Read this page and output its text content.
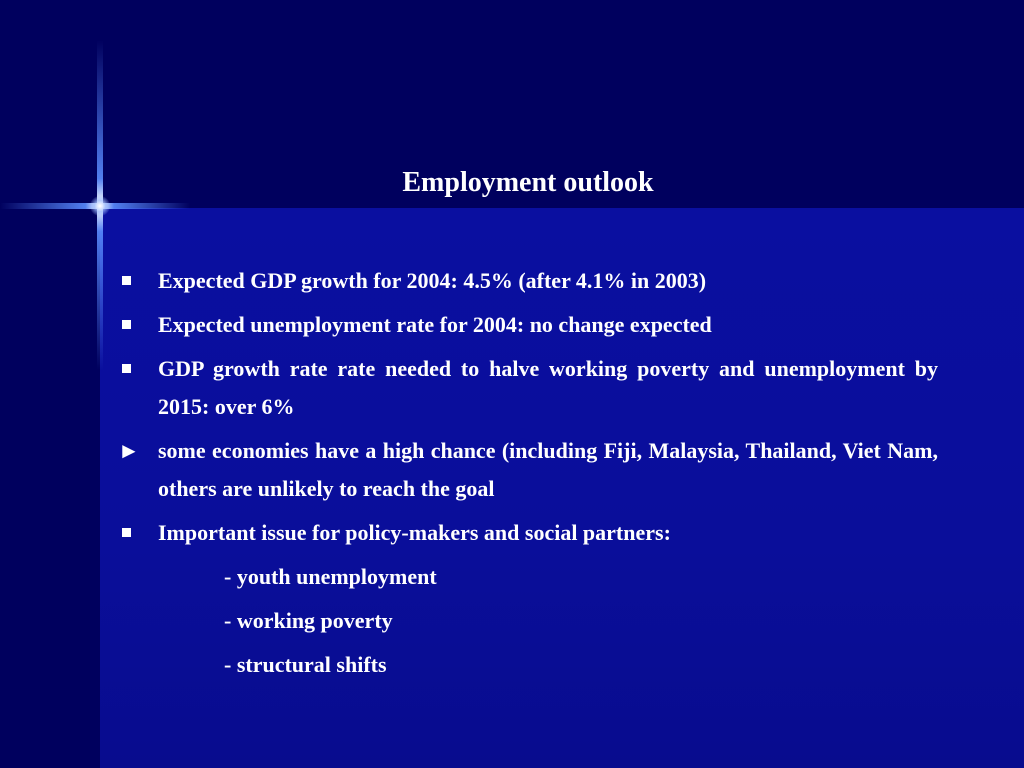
Employment outlook
Expected GDP growth for 2004: 4.5% (after 4.1% in 2003)
Expected unemployment rate for 2004: no change expected
GDP growth rate rate needed to halve working poverty and unemployment by 2015: over 6%
► some economies have a high chance (including Fiji, Malaysia, Thailand, Viet Nam, others are unlikely to reach the goal
Important issue for policy-makers and social partners:
- youth unemployment
- working poverty
- structural shifts
